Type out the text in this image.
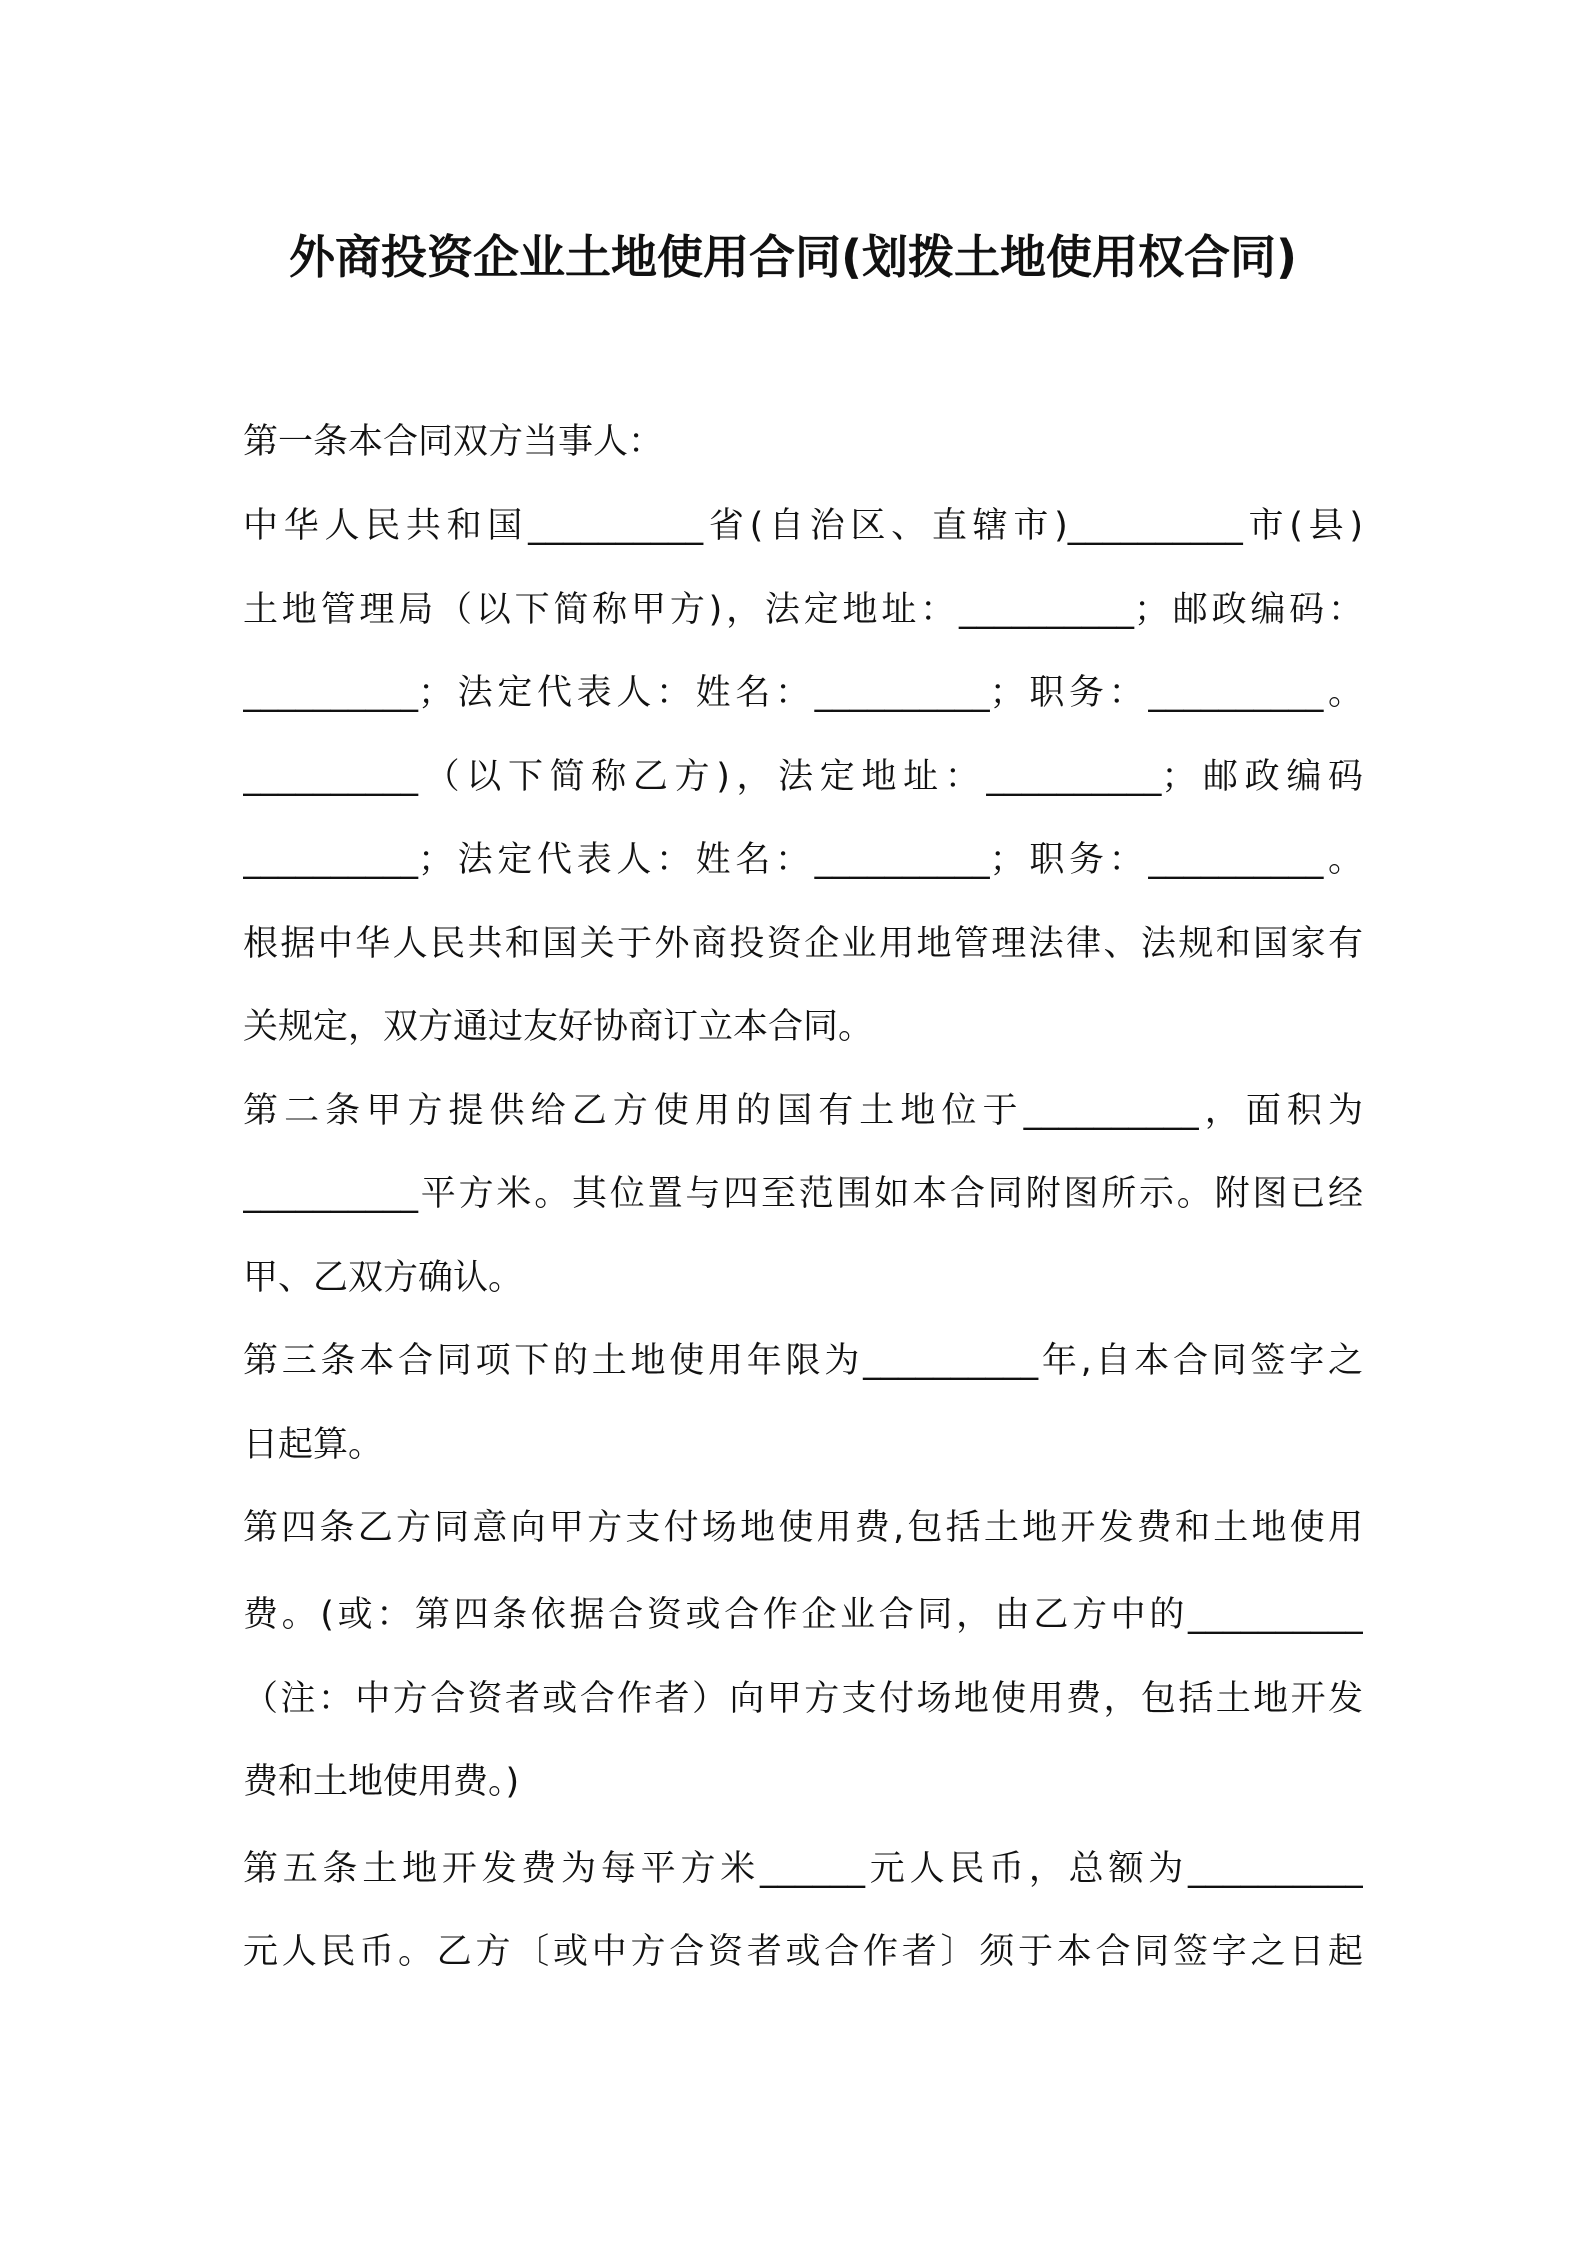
外商投资企业土地使用合同(划拨土地使用权合同)
第一条本合同双方当事人：
中华人民共和国__________省(自治区、直辖市)__________市(县)
土地管理局（以下简称甲方)，法定地址：__________；邮政编码：
__________；法定代表人：姓名：__________；职务：__________。
__________（以下简称乙方)，法定地址：__________；邮政编码
__________；法定代表人：姓名：__________；职务：__________。
根据中华人民共和国关于外商投资企业用地管理法律、法规和国家有
关规定，双方通过友好协商订立本合同。
第二条甲方提供给乙方使用的国有土地位于__________，面积为
__________平方米。其位置与四至范围如本合同附图所示。附图已经
甲、乙双方确认。
第三条本合同项下的土地使用年限为__________年,自本合同签字之
日起算。
第四条乙方同意向甲方支付场地使用费,包括土地开发费和土地使用
费。(或：第四条依据合资或合作企业合同，由乙方中的__________
（注：中方合资者或合作者）向甲方支付场地使用费，包括土地开发
费和土地使用费。)
第五条土地开发费为每平方米______元人民币，总额为__________
元人民币。乙方〔或中方合资者或合作者〕须于本合同签字之日起
